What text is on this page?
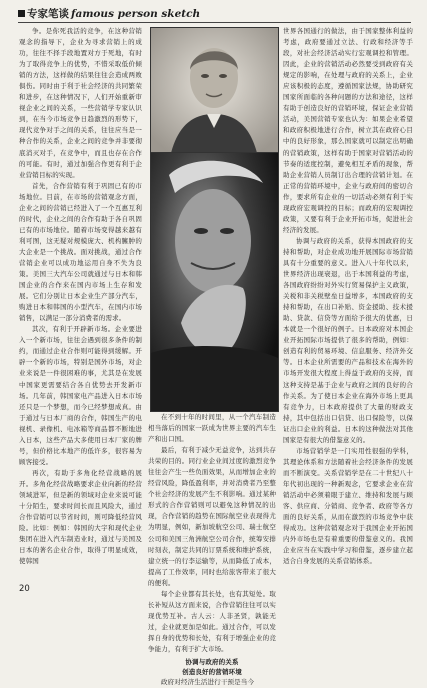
专家笔谈 famous person sketch

争。是你死我活的竞争，在这种营销观念的指导下，企业为寻求营销上的成功，往往不择手段地置对方于死地，有时为了取得竞争上的优势，不惜采取低价倾销的方法，这样做的结果往往会造成两败俱伤。同时由于利于社会经济的共同繁荣和进步，在这种情况下，人们开始重新审视企业之间的关系，一些营销学专家认识到，在当今市场竞争日趋激烈的形势下，现代竞争对手之间的关系，往往应当是一种合作的关系，企业之间的竞争并非要彻底消灭对手，在竞争中，而且也存在合作的可能。有时，通过加强合作更有利于企业营销目标的实现。

首先，合作营销有利于巩固已有的市场地位。目前，在市场的营销观念方面，企业之间的营销已经进入了一个互惠互利的时代，企业之间的合作有助于各自巩固已有的市场地位。随着市场变得越来越有利可图，这无疑对规模庞大、机构臃肿的大企业是一个挑战。面对挑战，通过合作营销企业可以成功地运用自身不失为良策。美国三大汽车公司就通过与日本和韩国企业的合作来在国内市场上生存和发展。它们分别让日本企业生产部分汽车，购进日本和韩国的小型汽车，在国内市场销售，以满足一部分消费者的需求。

其次，有利于开辟新市场。企业要进入一个新市场，往往会遇到很多条件的制约，而通过企业合作则可能得到缓解。开辟一个新的市场，特别是国外市场，对企业来说是一件很困难的事，尤其是在发展中国家更需要结合各自优势去开发新市场。几年前，韩国家电产品进入日本市场还只是一个梦想，而今已经梦想成真。由于通过与日本厂商的合作，韩国生产的电视机、录像机、电冰箱等商品都不断地进入日本，这些产品大多使用日本厂家的牌号，但价格比本地产的低许多，很容易为顾客接受。

再次，有助于多角化经营战略的展开。多角化经营战略要求企业向新的经营领域进军，但是新的领域对企业来说可能十分陌生，要求时间长而且风险大，通过合作营销可以节省时间，则可降低经营风险。比如：例如：韩国的大宇和现代企业集团在进入汽车制造业时，通过与美国及日本的著名企业合作，取得了明显成效，使韩国

在不到十年的时间里，从一个汽车制造相当落后的国家一跃成为世界主要的汽车生产和出口国。

最后，有利于减少无益竞争，达到共存共荣的目的。同行业企业间过度的激烈竞争往往会产生一些负面效果，从而增加企业的经营风险，降低盈利率，并对消费者乃至整个社会经济的发展产生不利影响。通过某种形式的合作营销则可以避免这种情况的出现，合作营销的趋势在国际航空业表现得尤为明显，例如，新加坡航空公司、瑞士航空公司和美国三角洲航空公司合作，统筹安排时刻表，制定共同的订票系统和维护系统，建立统一的行李运输等，从而降低了成本，提高了工作效率，同时也给旅客带来了很大的便利。

每个企业都有其长处，也有其短处。取长补短从这方面来说，合作营销往往可以实现优势互补。古人云：人非圣贤，孰能无过，企业就更加是如此。通过合作，可以发挥自身的优势和长处，有利于增强企业的竞争能力，有利于扩大市场。

协调与政府的关系
创造良好的营销环境

政府对经济生活进行干预是当今

世界各国通行的做法，由于国家整体利益的考虑，政府要通过立法、行政和经济等手段，对社会经济活动实行宏观调控和管理。因此，企业的营销活动必然要受到政府有关规定的影响，在处理与政府的关系上，企业应该积极的态度，遵循国家法规，协助研究国家所面临的各种问题的方法和途径，这样有助于创造良好的营销环境，保证企业营销活动，美国营销专家也认为：如果企业希望和政府积极地进行合作，树立其在政府心目中的良好形象，那么国家就可以制定出明确的营销政策，这样有助于国家对营销活动的节奏的适度控制，避免相互矛盾的现象，帮助企业营销人员制订出合理的营销计划。在正常的营销环境中，企业与政府间的密切合作，要求所有企业的一切活动必须有利于实现政府宏观调控的目标；而政府的宏观调控政策，又要有利于企业开拓市场，促进社会经济的发展。

协调与政府的关系，获得本国政府的支持和帮助，对企业成功地开展国际市场营销具有十分重要的意义。进入八十年代以来，世界经济出现衰退，出于本国利益的考虑，各国政府纷纷对外实行贸易保护主义政策，关税和非关税壁垒日益增多，本国政府的支持和帮助，在出口补贴、资金援助、技术援助、贷款、信贷等方面给予很大的优惠，日本就是一个很好的例子。日本政府对本国企业开拓国际市场提供了很多的帮助，例如：创造有利的贸易环境、信息服务、经济外交等。日本企业所需要的产品和技术在海外的市场开发很大程度上得益于政府的支持，而这种支持是基于企业与政府之间的良好的合作关系。为了使日本企业在海外市场上更具有竞争力，日本政府提供了大量的财政支持，其中包括出口信贷、出口保险等，以保证出口企业的利益。日本的这种做法对其他国家是有很大的借鉴意义的。

市场营销学是一门实用性很强的学科，其理论体系和方法随着社会经济条件的发展而不断演变。关系营销学是在二十世纪八十年代初出现的一种新观念，它要求企业在营销活动中必须着眼于建立、维持和发展与顾客、供应商、分销商、竞争者、政府等各方面的良好关系，从而在激烈的市场竞争中获得成功。这种营销观念对于我国企业开拓国内外市场也是有着重要的借鉴意义的。我国企业应当在实践中学习和借鉴，逐步建立起适合自身发展的关系营销体系。

20
